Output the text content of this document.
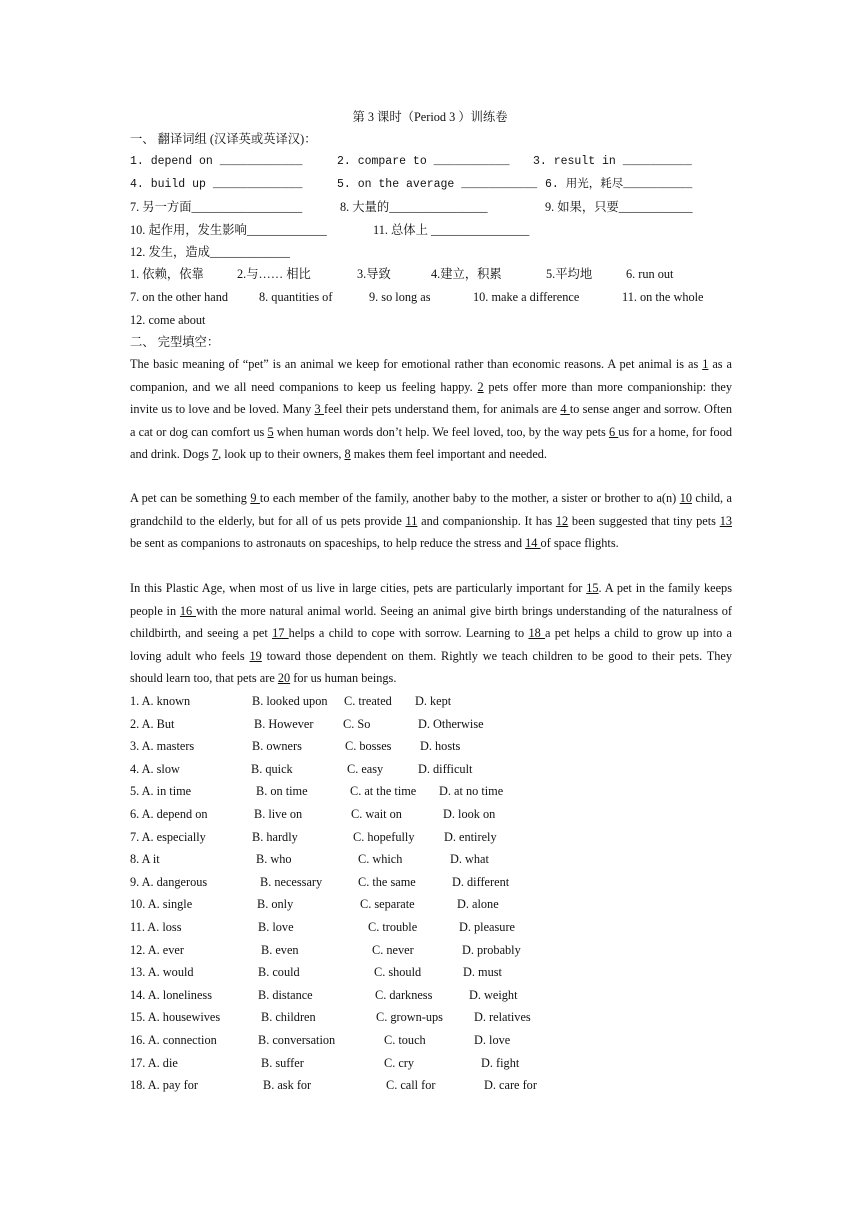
第 3 课时（Period 3 ）训练卷
一、 翻译词组 (汉译英或英译汉)：
1. depend on ____________	2. compare to ___________ 3. result in __________
4. build up _____________	5. on the average ___________ 6. 用光，耗尽__________
7. 另一方面__________________	8. 大量的________________	9. 如果，只要____________
10. 起作用，发生影响_____________	11. 总体上 ________________
12. 发生，造成_____________
1. 依赖，依靠	2.与…… 相比	3.导致	4.建立，积累	5.平均地	6. run out
7. on the other hand	8. quantities of	9. so long as	10. make a difference	11. on the whole
12. come about
二、 完型填空：
The basic meaning of “pet” is an animal we keep for emotional rather than economic reasons. A pet animal is as 1 as a companion, and we all need companions to keep us feeling happy. 2 pets offer more than more companionship: they invite us to love and be loved. Many 3 feel their pets understand them, for animals are 4 to sense anger and sorrow. Often a cat or dog can comfort us 5 when human words don’t help. We feel loved, too, by the way pets 6 us for a home, for food and drink. Dogs 7, look up to their owners, 8 makes them feel important and needed.
A pet can be something 9 to each member of the family, another baby to the mother, a sister or brother to a(n) 10 child, a grandchild to the elderly, but for all of us pets provide 11 and companionship. It has 12 been suggested that tiny pets 13 be sent as companions to astronauts on spaceships, to help reduce the stress and 14 of space flights.
In this Plastic Age, when most of us live in large cities, pets are particularly important for 15. A pet in the family keeps people in 16 with the more natural animal world. Seeing an animal give birth brings understanding of the naturalness of childbirth, and seeing a pet 17 helps a child to cope with sorrow. Learning to 18 a pet helps a child to grow up into a loving adult who feels 19 toward those dependent on them. Rightly we teach children to be good to their pets. They should learn too, that pets are 20 for us human beings.
1. A. known	B. looked upon C. treated D. kept
2. A. But	B. However C. So	D. Otherwise
3. A. masters	B. owners	C. bosses D. hosts
4. A. slow	B. quick	C. easy	D. difficult
5. A. in time	B. on time	C. at the time D. at no time
6. A. depend on	B. live on	C. wait on	D. look on
7. A. especially	B. hardly	C. hopefully D. entirely
8. A it	B. who	C. which	D. what
9. A. dangerous	B. necessary	C. the same	D. different
10. A. single	B. only	C. separate	D. alone
11. A. loss	B. love	C. trouble	D. pleasure
12. A. ever	B. even	C. never	D. probably
13. A. would	B. could	C. should	D. must
14. A. loneliness	B. distance	C. darkness	D. weight
15. A. housewives	B. children	C. grown-ups	D. relatives
16. A. connection	B. conversation	C. touch	D. love
17. A. die	B. suffer	C. cry	D. fight
18. A. pay for	B. ask for	C. call for	D. care for
